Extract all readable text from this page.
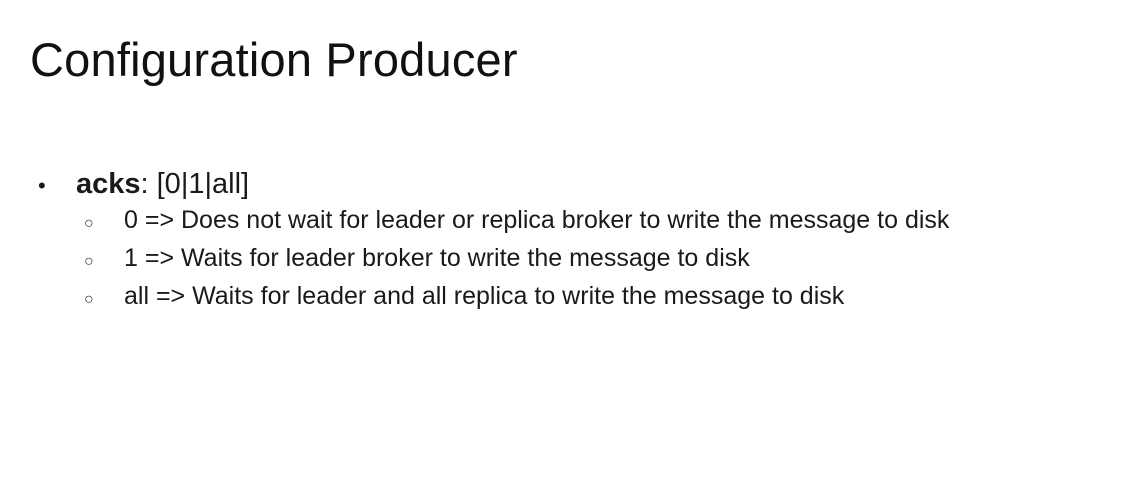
Configuration Producer
•	acks: [0|1|all]
○	0 => Does not wait for leader or replica broker to write the message to disk
○	1 => Waits for leader broker to write the message to disk
○	all => Waits for leader and all replica to write the message to disk
